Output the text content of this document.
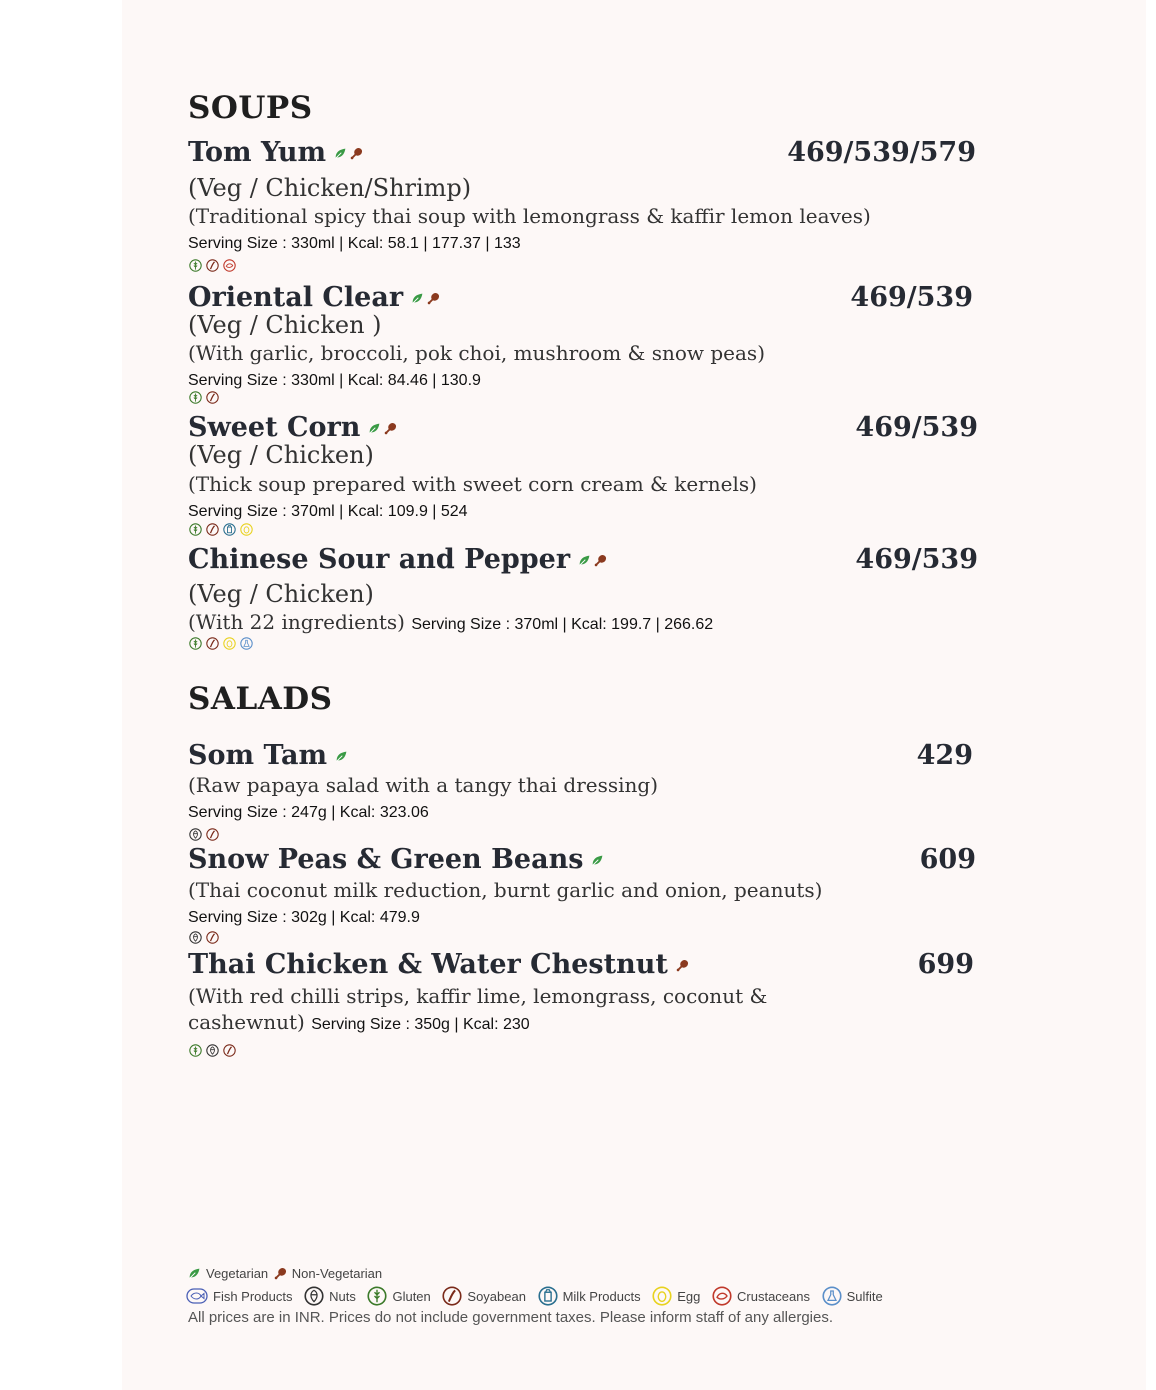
SOUPS
Tom Yum	469/539/579
(Veg / Chicken/Shrimp)
(Traditional spicy thai soup with lemongrass & kaffir lemon leaves)
Serving Size : 330ml | Kcal: 58.1 | 177.37 | 133
Oriental Clear	469/539
(Veg / Chicken )
(With garlic, broccoli, pok choi, mushroom & snow peas)
Serving Size : 330ml | Kcal: 84.46 | 130.9
Sweet Corn	469/539
(Veg / Chicken)
(Thick soup prepared with sweet corn cream & kernels)
Serving Size : 370ml | Kcal: 109.9 | 524
Chinese Sour and Pepper	469/539
(Veg / Chicken)
(With 22 ingredients) Serving Size : 370ml | Kcal: 199.7 | 266.62
SALADS
Som Tam	429
(Raw papaya salad with a tangy thai dressing)
Serving Size : 247g | Kcal: 323.06
Snow Peas & Green Beans	609
(Thai coconut milk reduction, burnt garlic and onion, peanuts)
Serving Size : 302g | Kcal: 479.9
Thai Chicken & Water Chestnut	699
(With red chilli strips, kaffir lime, lemongrass, coconut &
cashewnut) Serving Size : 350g | Kcal: 230
Vegetarian
Non-Vegetarian
Fish Products
	Nuts
	Gluten
	Soyabean
	Milk Products
	Egg
	Crustaceans
	Sulfite
All prices are in INR. Prices do not include government taxes. Please inform staff of any allergies.
